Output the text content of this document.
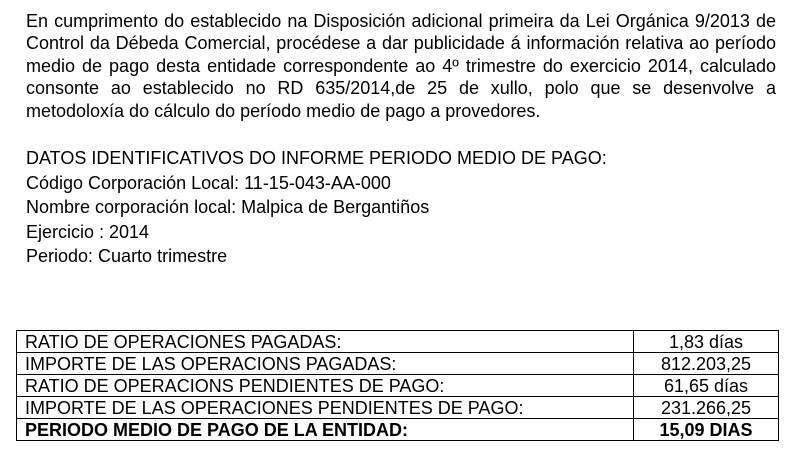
En cumprimento do establecido na Disposición adicional primeira da Lei Orgánica 9/2013 de Control da Débeda Comercial, procédese a dar publicidade á información relativa ao período medio de pago desta entidade correspondente ao 4º trimestre do exercicio 2014, calculado consonte ao establecido no RD 635/2014,de 25 de xullo, polo que se desenvolve a metodoloxía do cálculo do período medio de pago a provedores.

DATOS IDENTIFICATIVOS DO INFORME PERIODO MEDIO DE PAGO:
Código Corporación Local: 11-15-043-AA-000
Nombre corporación local: Malpica de Bergantiños
Ejercicio : 2014
Periodo: Cuarto trimestre
RATIO DE OPERACIONES PAGADAS:	1,83 días
IMPORTE DE LAS OPERACIONS PAGADAS:	812.203,25
RATIO DE OPERACIONS PENDIENTES DE PAGO:	61,65 días
IMPORTE DE LAS OPERACIONES PENDIENTES DE PAGO:	231.266,25
PERIODO MEDIO DE PAGO DE LA ENTIDAD:	15,09 DIAS
